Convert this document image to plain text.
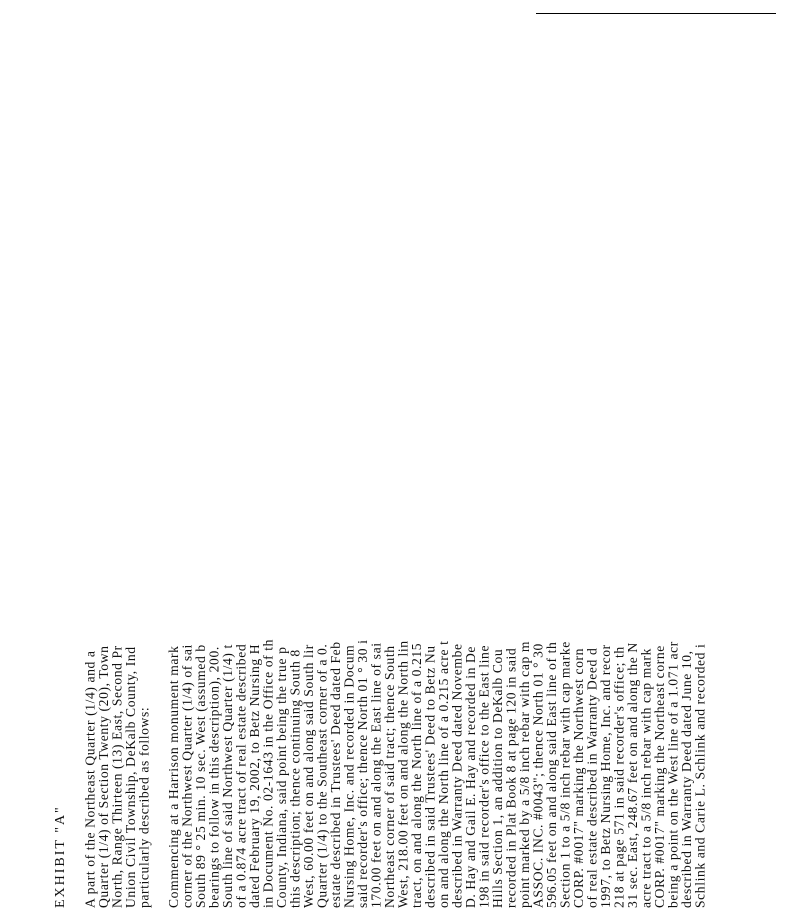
EXHIBIT "A" A part of the Northeast Quarter (1/4) and a
Quarter (1/4) of Section Twenty (20), Town
North, Range Thirteen (13) East, Second Pr
Union Civil Township, DeKalb County, Ind
particularly described as follows: Commencing at a Harrison monument mark
corner of the Northwest Quarter (1/4) of sai
South 89 ° 25 min. 10 sec. West (assumed b
bearings to follow in this description), 200.
South line of said Northwest Quarter (1/4) t
of a 0.874 acre tract of real estate described
dated February 19, 2002, to Betz Nursing H
in Document No. 02-1643 in the Office of th
County, Indiana, said point being the true p
this description; thence continuing South 8
West, 60.00 feet on and along said South lir
Quarter (1/4) to the Southeast corner of a 0.
estate described in Trustees' Deed dated Feb
Nursing Home, Inc. and recorded in Docum
said recorder's office; thence North 01 ° 30 i
170.00 feet on and along the East line of sai
Northeast corner of said tract; thence South
West, 218.00 feet on and along the North lin
tract, on and along the North line of a 0.215
described in said Trustees' Deed to Betz Nu
on and along the North line of a 0.215 acre t
described in Warranty Deed dated Novembe
D. Hay and Gail E. Hay and recorded in De
198 in said recorder's office to the East line
Hills Section 1, an addition to DeKalb Cou
recorded in Plat Book 8 at page 120 in said
point marked by a 5/8 inch rebar with cap m
ASSOC. INC. #0043"; thence North 01 ° 30
596.05 feet on and along said East line of th
Section 1 to a 5/8 inch rebar with cap marke
CORP. #0017" marking the Northwest corn
of real estate described in Warranty Deed d
1997, to Betz Nursing Home, Inc. and recor
218 at page 571 in said recorder's office; th
31 sec. East, 248.67 feet on and along the N
acre tract to a 5/8 inch rebar with cap mark
CORP. #0017" marking the Northeast corne
being a point on the West line of a 1.071 acr
described in Warranty Deed dated June 10,
Schlink and Carie L. Schlink and recorded i
